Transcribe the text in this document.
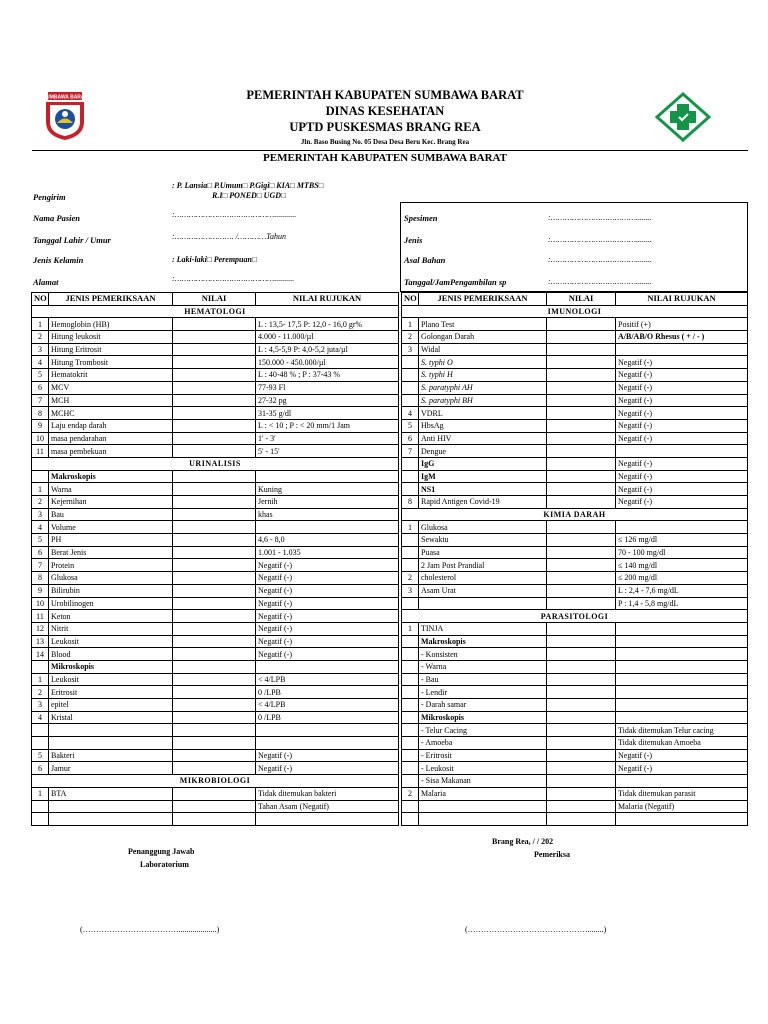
SUMBAWA BARAT	PEMERINTAH KABUPATEN SUMBAWA BARAT
DINAS KESEHATAN
UPTD PUSKESMAS BRANG REA
Jln. Baso Busing No. 05 Desa Desa Beru Kec. Brang Rea
PEMERINTAH KABUPATEN SUMBAWA BARAT
: P. Lansia□ P.Umum□ P.Gigi□ KIA□ MTBS□
R.I□ PONED□ UGD□
Pengirim
Nama Pasien	:……………………………………...........
Tanggal Lahir / Umur	:……………………. /…………Tahun
Jenis Kelamin	: Laki-laki□ Perempuan□
Alamat	:……………………………………..........
Spesimen	:………………………………........
Jenis	:………………………………........
Asal Bahan	:………………………………........
Tanggal/JamPengambilan sp	:………………………………........
NO	JENIS PEMERIKSAAN	NILAI	NILAI RUJUKAN
HEMATOLOGI			
1	Hemoglobin (HB)		L : 13,5- 17,5 P: 12,0 - 16,0 gr%
2	Hitung leukosit		4.000 - 11.000/µl
3	Hitung Eritrosit		L : 4,5-5,9 P: 4,0-5,2 juta/µl
4	Hitung Trombosit		150.000 - 450.000/µl
5	Hematokrit		L : 40-48 % ; P : 37-43 %
6	MCV		77-93 Fl
7	MCH		27-32 pg
8	MCHC		31-35 g/dl
9	Laju endap darah		L : < 10 ; P : < 20 mm/1 Jam
10	masa pendarahan		1' - 3'
11	masa pembekuan		5' - 15'
URINALISIS			
	Makroskopis		
1	Warna		Kuning
2	Kejernihan		Jernih
3	Bau		khas
4	Volume		
5	PH		4,6 - 8,0
6	Berat Jenis		1.001 - 1.035
7	Protein		Negatif (-)
8	Glukosa		Negatif (-)
9	Bilirubin		Negatif (-)
10	Urobilinogen		Negatif (-)
11	Keton		Negatif (-)
12	Nitrit		Negatif (-)
13	Leukosit		Negatif (-)
14	Blood		Negatif (-)
	Mikroskopis		
1	Leukosit		< 4/LPB
2	Eritrosit		0 /LPB
3	epitel		< 4/LPB
4	Kristal		0 /LPB

5	Bakteri		Negatif (-)
6	Jamur		Negatif (-)
MIKROBIOLOGI			
1	BTA		Tidak ditemukan bakteri
			Tahan Asam (Negatif)

NO	JENIS PEMERIKSAAN	NILAI	NILAI RUJUKAN
IMUNOLOGI			
1	Plano Test		Positif (+)
2	Golongan Darah		A/B/AB/O Rhesus ( + / - )
3	Widal		
	S. typhi O		Negatif (-)
	S. typhi H		Negatif (-)
	S. paratyphi AH		Negatif (-)
	S. paratyphi BH		Negatif (-)
4	VDRL		Negatif (-)
5	HbsAg		Negatif (-)
6	Anti HIV		Negatif (-)
7	Dengue		
	IgG		Negatif (-)
	IgM		Negatif (-)
	NS1		Negatif (-)
8	Rapid Antigen Covid-19		Negatif (-)
KIMIA DARAH			
1	Glukosa		
	Sewaktu		≤ 126 mg/dl
	Puasa		70 - 100 mg/dl
	2 Jam Post Prandial		≤ 140 mg/dl
2	cholesterol		≤ 200 mg/dl
3	Asam Urat		L : 2,4 - 7,6 mg/dL
			P : 1,4 - 5,8 mg/dL
PARASITOLOGI			
1	TINJA		
	Makroskopis		
	- Konsisten		
	- Warna		
	- Bau		
	- Lendir		
	- Darah samar		
	Mikroskopis		
	- Telur Cacing		Tidak ditemukan Telur cacing
	- Amoeba		Tidak ditemukan Amoeba
	- Eritrosit		Negatif (-)
	- Leukosit		Negatif (-)
	- Sisa Makanan		
2	Malaria		Tidak ditemukan parasit
			Malaria (Negatif)

Penanggung Jawab
Laboratorium
Brang Rea, / / 202
Pemeriksa
(………………………………...................)	(………………………………………........)
